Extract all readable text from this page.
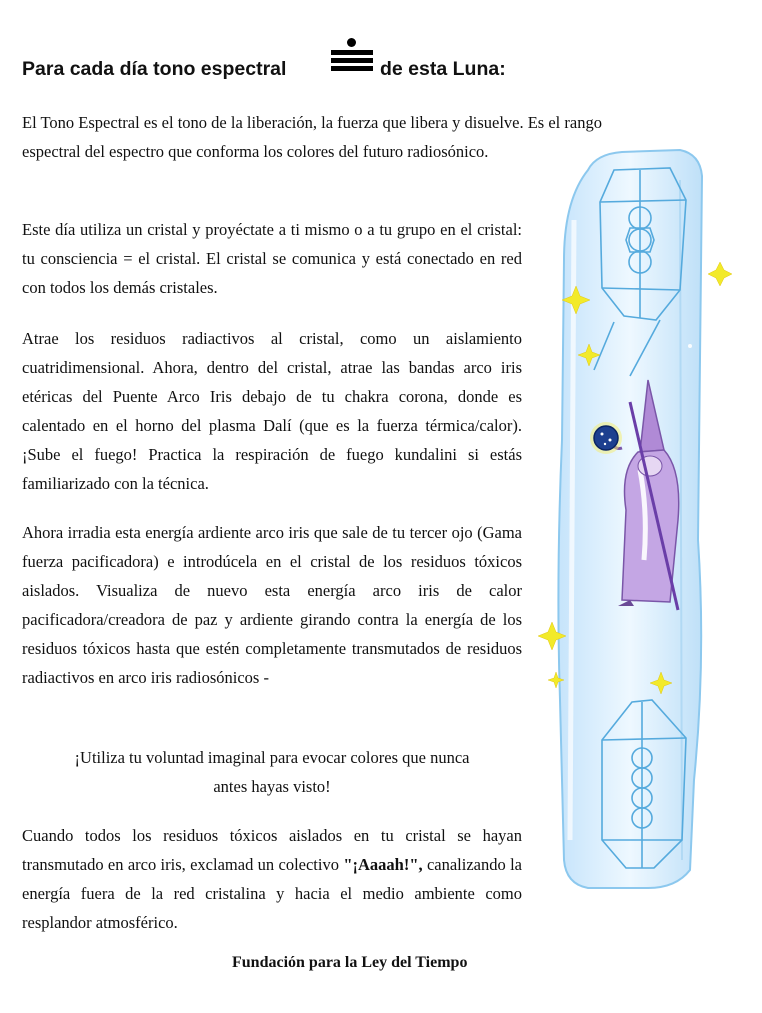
Para cada día tono espectral	de esta Luna:
El Tono Espectral es el tono de la liberación, la fuerza que libera y disuelve. Es el rango
espectral del espectro que conforma los colores del futuro radiosónico.
Este día utiliza un cristal y proyéctate a ti mismo o a tu grupo en el cristal: tu consciencia = el cristal. El cristal se comunica y está conectado en red con todos los demás cristales.
Atrae los residuos radiactivos al cristal, como un aislamiento cuatridimensional. Ahora, dentro del cristal, atrae las bandas arco iris etéricas del Puente Arco Iris debajo de tu chakra corona, donde es calentado en el horno del plasma Dalí (que es la fuerza térmica/calor). ¡Sube el fuego! Practica la respiración de fuego kundalini si estás familiarizado con la técnica.
Ahora irradia esta energía ardiente arco iris que sale de tu tercer ojo (Gama fuerza pacificadora) e introdúcela en el cristal de los residuos tóxicos aislados. Visualiza de nuevo esta energía arco iris de calor pacificadora/creadora de paz y ardiente girando contra la energía de los residuos tóxicos hasta que estén completamente transmutados de residuos radiactivos en arco iris radiosónicos -
¡Utiliza tu voluntad imaginal para evocar colores que nunca
antes hayas visto!
Cuando todos los residuos tóxicos aislados en tu cristal se hayan transmutado en arco iris, exclamad un colectivo "¡Aaaah!", canalizando la energía fuera de la red cristalina y hacia el medio ambiente como resplandor atmosférico.
Fundación para la Ley del Tiempo
